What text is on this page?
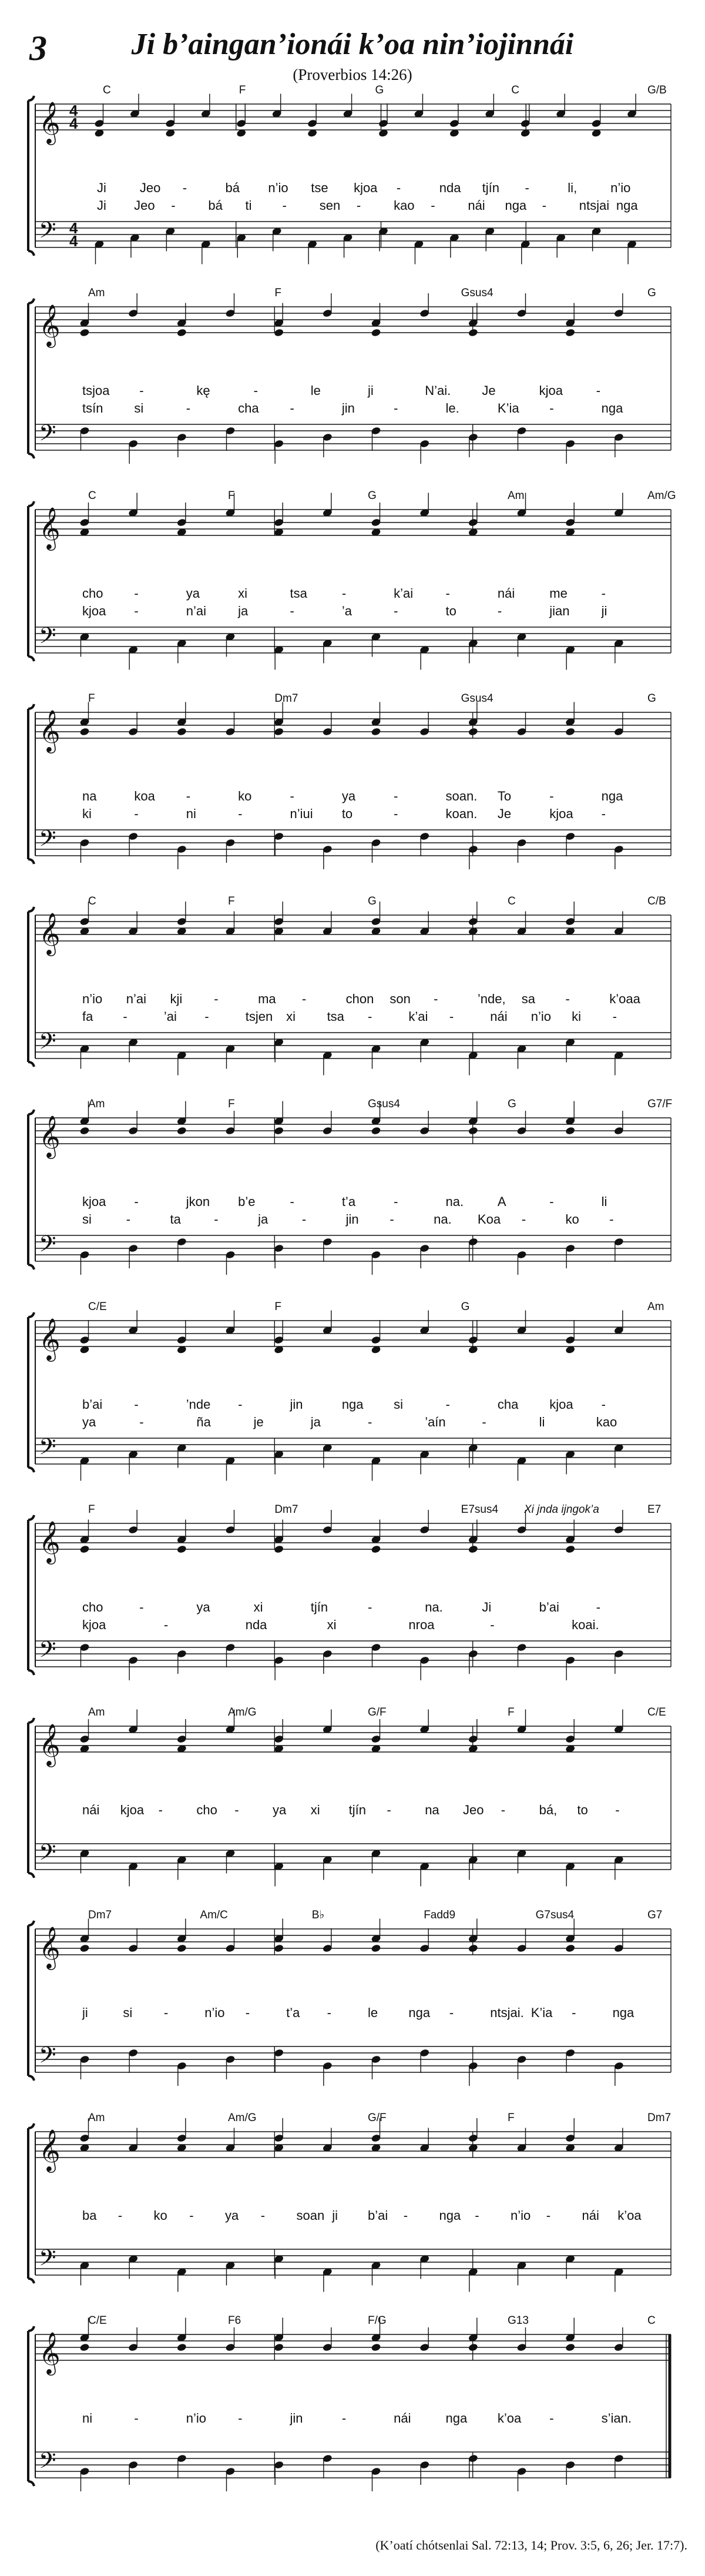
3	Ji b’aingan’ionái k’oa nin’iojinnái
(Proverbios 14:26)
𝄞
𝄢
4
4
4
4
C	F	G	C	G/B
Ji	Jeo -	bá n’io tse kjoa -	nda tjín -	li,	n’io
Ji Jeo -	bá ti -	sen -	kao -	nái nga -	ntsjai nga
𝄞
𝄢
Am	F	Gsus4	G
tsjoa -	kę	-	le	ji	N’ai. Je	kjoa	-
tsín si	-	cha -	jin	-	le.	K’ia -	nga
𝄞
𝄢
C	F	G	Am	Am/G
cho -	ya	xi	tsa	-	k’ai	-	nái	me	-
kjoa -	n’ai ja	-	’a	-	to	-	jian ji
𝄞
𝄢
F	Dm7	Gsus4	G
na	koa -	ko	-	ya	-	soan. To	-	nga
ki	-	ni	-	n’iui to	-	koan. Je	kjoa -
𝄞
𝄢
C	F	G	C	C/B
n’io n’ai kji -	ma -	chon son -	’nde, sa -	k’oaa
fa -	’ai -	tsjen xi tsa -	k’ai -	nái n’io ki -
𝄞
𝄢
Am	F	Gsus4	G	G7/F
kjoa -	jkon b’e	-	t’a	-	na.	A	-	li
si	-	ta	-	ja	-	jin -	na. Koa -	ko -
𝄞
𝄢
C/E	F	G	Am
b’ai -	’nde -	jin	nga si	-	cha kjoa -
ya	-	ña	je	ja	-	’aín	-	li	kao
𝄞
𝄢
F	Dm7	E7sus4	E7
Xi jnda ijngok’a
cho	-	ya	xi	tjín	-	na.	Ji	b’ai	-
kjoa	-	nda	xi	nroa	-	koai.
𝄞
𝄢
Am	Am/G	G/F	F	C/E
nái kjoa -	cho -	ya xi tjín -	na Jeo -	bá, to -
𝄞
𝄢
Dm7	Am/C	B♭	Fadd9	G7sus4	G7
ji	si -	n’io -	t’a -	le nga -	ntsjai. K’ia -	nga
𝄞
𝄢
Am	Am/G	G/F	F	Dm7
ba - ko - ya - soan ji b’ai - nga - n’io - nái k’oa
𝄞
𝄢
C/E	F6	F/G	G13	C
ni	-	n’io -	jin	-	nái	nga k’oa -	s’ian.
(K’oatí chótsenlai Sal. 72:13, 14; Prov. 3:5, 6, 26; Jer. 17:7).
